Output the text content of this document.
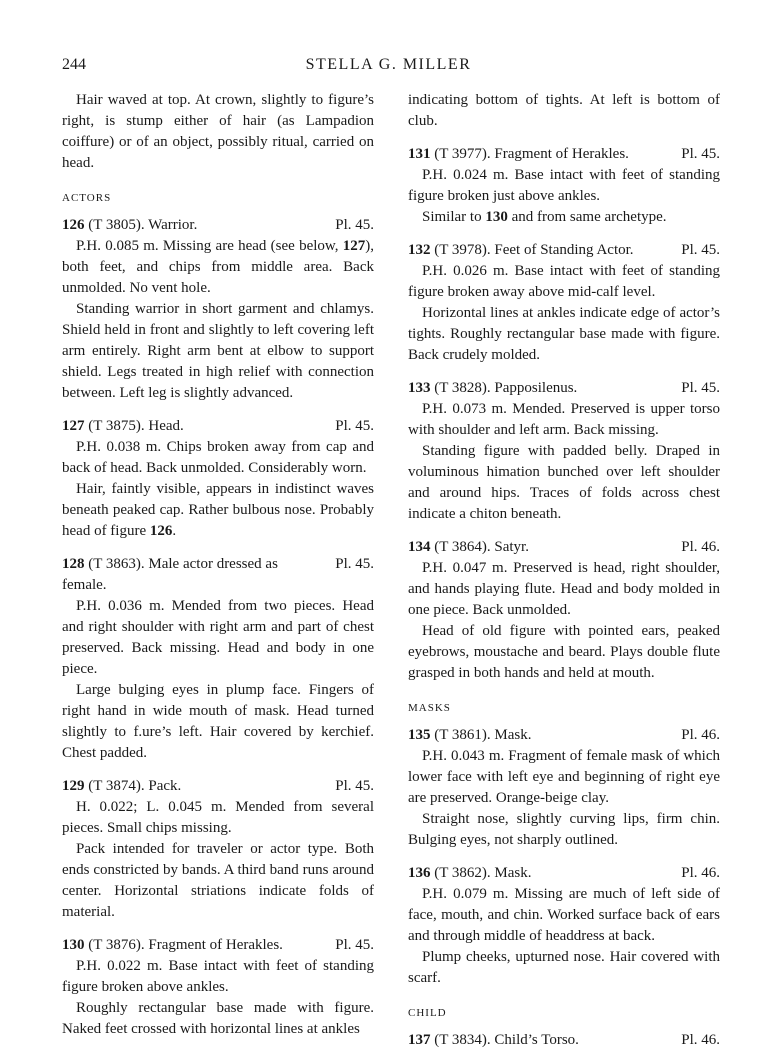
244	STELLA G. MILLER

Hair waved at top. At crown, slightly to figure’s right, is stump either of hair (as Lampadion coiffure) or of an object, possibly ritual, carried on head.

ACTORS

126 (T 3805). Warrior.	Pl. 45.

P.H. 0.085 m. Missing are head (see below, 127), both feet, and chips from middle area. Back unmolded. No vent hole.

Standing warrior in short garment and chlamys. Shield held in front and slightly to left covering left arm entirely. Right arm bent at elbow to support shield. Legs treated in high relief with connection between. Left leg is slightly advanced.

127 (T 3875). Head.	Pl. 45.

P.H. 0.038 m. Chips broken away from cap and back of head. Back unmolded. Considerably worn.

Hair, faintly visible, appears in indistinct waves beneath peaked cap. Rather bulbous nose. Probably head of figure 126.

128 (T 3863). Male actor dressed as female.
Pl. 45.

P.H. 0.036 m. Mended from two pieces. Head and right shoulder with right arm and part of chest preserved. Back missing. Head and body in one piece.

Large bulging eyes in plump face. Fingers of right hand in wide mouth of mask. Head turned slightly to f.ure’s left. Hair covered by kerchief. Chest padded.

129 (T 3874). Pack.	Pl. 45.

H. 0.022; L. 0.045 m. Mended from several pieces. Small chips missing.

Pack intended for traveler or actor type. Both ends constricted by bands. A third band runs around center. Horizontal striations indicate folds of material.

130 (T 3876). Fragment of Herakles.	Pl. 45.

P.H. 0.022 m. Base intact with feet of standing figure broken above ankles.

Roughly rectangular base made with figure. Naked feet crossed with horizontal lines at ankles

indicating bottom of tights. At left is bottom of club.

131 (T 3977). Fragment of Herakles.	Pl. 45.

P.H. 0.024 m. Base intact with feet of standing figure broken just above ankles.

Similar to 130 and from same archetype.

132 (T 3978). Feet of Standing Actor.	Pl. 45.

P.H. 0.026 m. Base intact with feet of standing figure broken away above mid-calf level.

Horizontal lines at ankles indicate edge of actor’s tights. Roughly rectangular base made with figure. Back crudely molded.

133 (T 3828). Papposilenus.	Pl. 45.

P.H. 0.073 m. Mended. Preserved is upper torso with shoulder and left arm. Back missing.

Standing figure with padded belly. Draped in voluminous himation bunched over left shoulder and around hips. Traces of folds across chest indicate a chiton beneath.

134 (T 3864). Satyr.	Pl. 46.

P.H. 0.047 m. Preserved is head, right shoulder, and hands playing flute. Head and body molded in one piece. Back unmolded.

Head of old figure with pointed ears, peaked eyebrows, moustache and beard. Plays double flute grasped in both hands and held at mouth.

MASKS

135 (T 3861). Mask.	Pl. 46.

P.H. 0.043 m. Fragment of female mask of which lower face with left eye and beginning of right eye are preserved. Orange-beige clay.

Straight nose, slightly curving lips, firm chin. Bulging eyes, not sharply outlined.

136 (T 3862). Mask.	Pl. 46.

P.H. 0.079 m. Missing are much of left side of face, mouth, and chin. Worked surface back of ears and through middle of headdress at back.

Plump cheeks, upturned nose. Hair covered with scarf.

CHILD

137 (T 3834). Child’s Torso.	Pl. 46.
